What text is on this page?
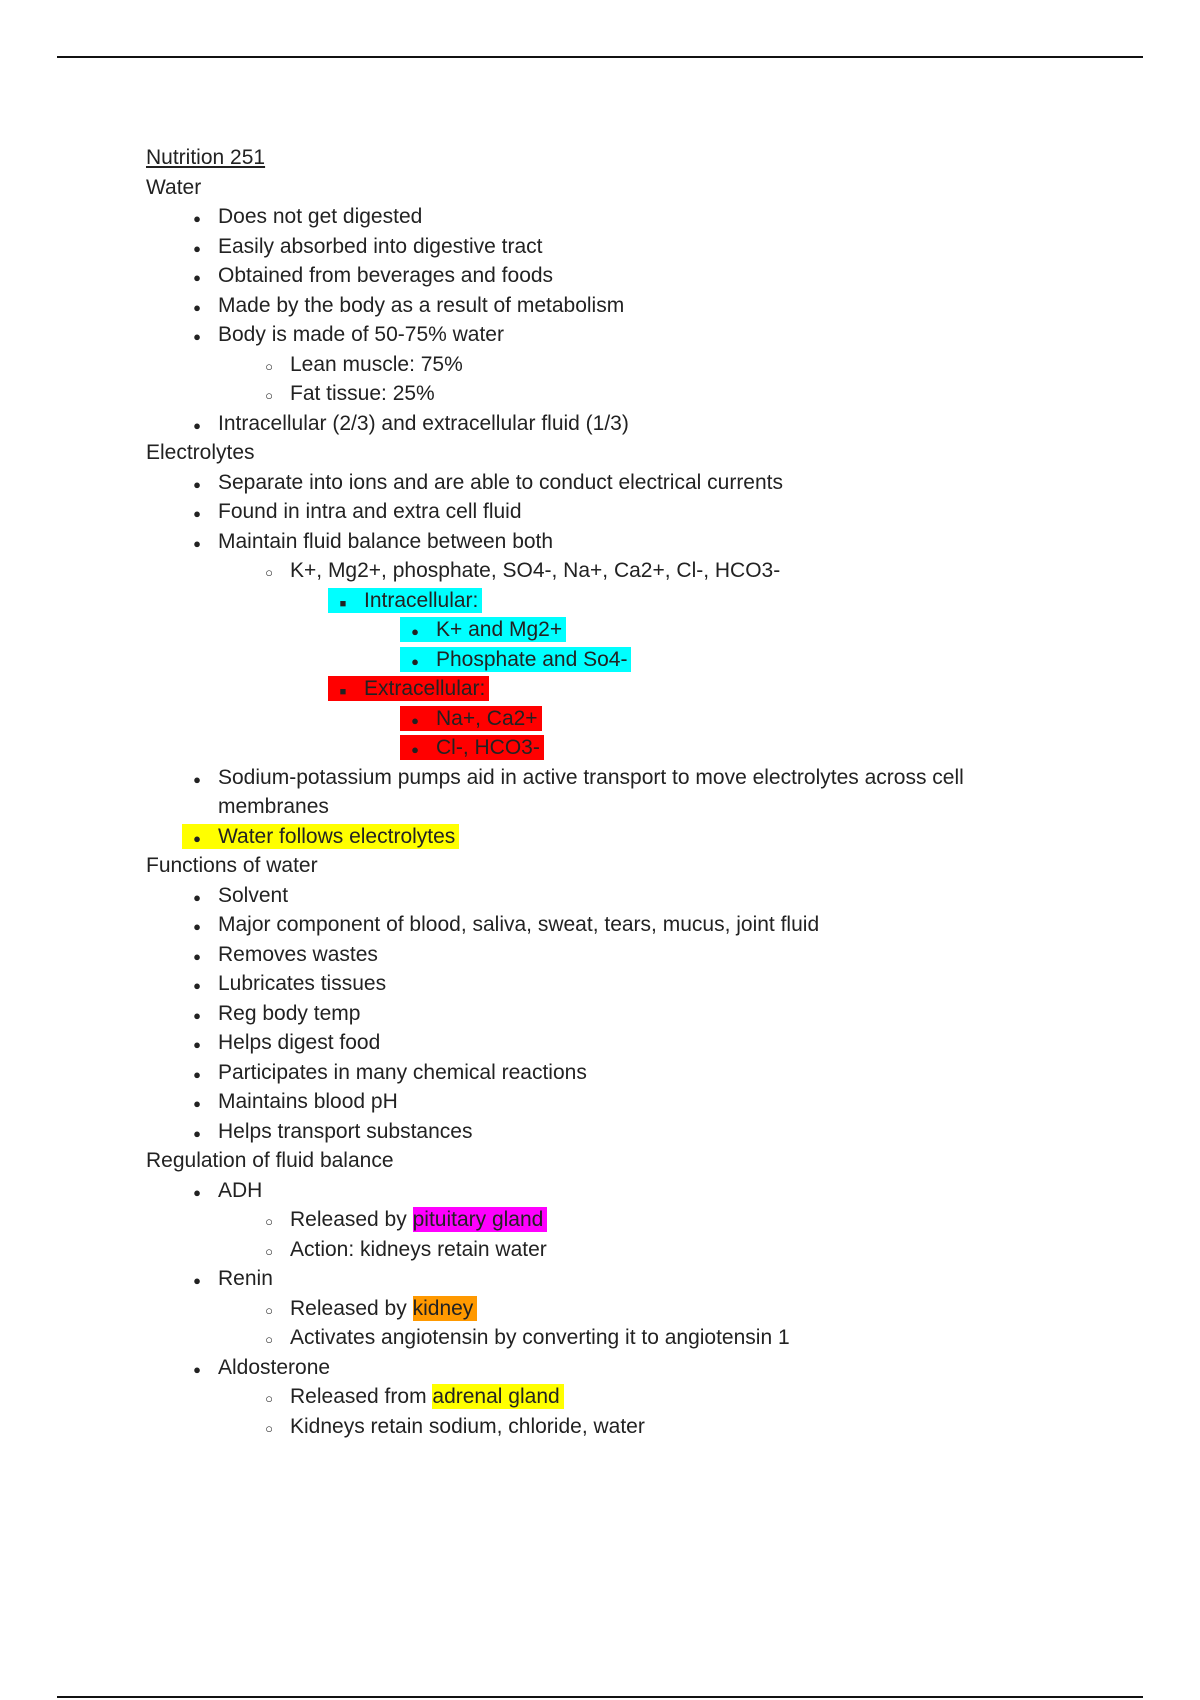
Nutrition 251
Water
●
Does not get digested
●
Easily absorbed into digestive tract
●
Obtained from beverages and foods
●
Made by the body as a result of metabolism
●
Body is made of 50-75% water
○
Lean muscle: 75%
○
Fat tissue: 25%
●
Intracellular (2/3) and extracellular fluid (1/3)
Electrolytes
●
Separate into ions and are able to conduct electrical currents
●
Found in intra and extra cell fluid
●
Maintain fluid balance between both
○
K+, Mg2+, phosphate, SO4-, Na+, Ca2+, Cl-, HCO3-
■
Intracellular:
●
K+ and Mg2+
●
Phosphate and So4-
■
Extracellular:
●
Na+, Ca2+
●
Cl-, HCO3-
●
Sodium-potassium pumps aid in active transport to move electrolytes across cell membranes
●
Water follows electrolytes
Functions of water
●
Solvent
●
Major component of blood, saliva, sweat, tears, mucus, joint fluid
●
Removes wastes
●
Lubricates tissues
●
Reg body temp
●
Helps digest food
●
Participates in many chemical reactions
●
Maintains blood pH
●
Helps transport substances
Regulation of fluid balance
●
ADH
○
Released by pituitary gland
○
Action: kidneys retain water
●
Renin
○
Released by kidney
○
Activates angiotensin by converting it to angiotensin 1
●
Aldosterone
○
Released from adrenal gland
○
Kidneys retain sodium, chloride, water
